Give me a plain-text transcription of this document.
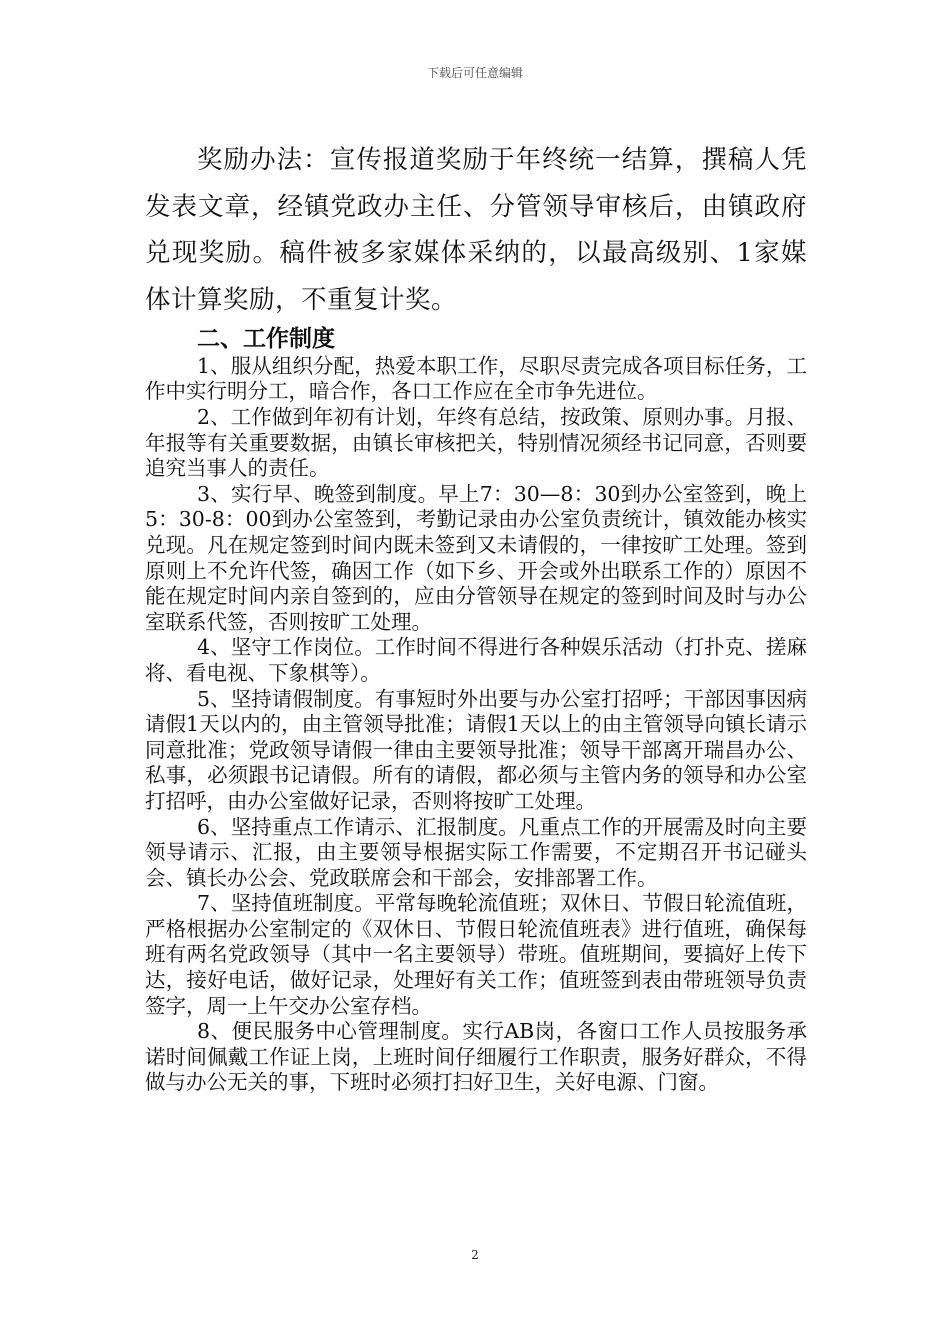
下载后可任意编辑

奖励办法：宣传报道奖励于年终统一结算，撰稿人凭发表文章，经镇党政办主任、分管领导审核后，由镇政府兑现奖励。稿件被多家媒体采纳的，以最高级别、1家媒体计算奖励，不重复计奖。

二、工作制度

1、服从组织分配，热爱本职工作，尽职尽责完成各项目标任务，工作中实行明分工，暗合作，各口工作应在全市争先进位。

2、工作做到年初有计划，年终有总结，按政策、原则办事。月报、年报等有关重要数据，由镇长审核把关，特别情况须经书记同意，否则要追究当事人的责任。

3、实行早、晚签到制度。早上7：30—8：30到办公室签到，晚上5：30-8：00到办公室签到，考勤记录由办公室负责统计，镇效能办核实兑现。凡在规定签到时间内既未签到又未请假的，一律按旷工处理。签到原则上不允许代签，确因工作（如下乡、开会或外出联系工作的）原因不能在规定时间内亲自签到的，应由分管领导在规定的签到时间及时与办公室联系代签，否则按旷工处理。

4、坚守工作岗位。工作时间不得进行各种娱乐活动（打扑克、搓麻将、看电视、下象棋等）。

5、坚持请假制度。有事短时外出要与办公室打招呼；干部因事因病请假1天以内的，由主管领导批准；请假1天以上的由主管领导向镇长请示同意批准；党政领导请假一律由主要领导批准；领导干部离开瑞昌办公、私事，必须跟书记请假。所有的请假，都必须与主管内务的领导和办公室打招呼，由办公室做好记录，否则将按旷工处理。

6、坚持重点工作请示、汇报制度。凡重点工作的开展需及时向主要领导请示、汇报，由主要领导根据实际工作需要，不定期召开书记碰头会、镇长办公会、党政联席会和干部会，安排部署工作。

7、坚持值班制度。平常每晚轮流值班；双休日、节假日轮流值班，严格根据办公室制定的《双休日、节假日轮流值班表》进行值班，确保每班有两名党政领导（其中一名主要领导）带班。值班期间，要搞好上传下达，接好电话，做好记录，处理好有关工作；值班签到表由带班领导负责签字，周一上午交办公室存档。

8、便民服务中心管理制度。实行AB岗，各窗口工作人员按服务承诺时间佩戴工作证上岗，上班时间仔细履行工作职责，服务好群众，不得做与办公无关的事，下班时必须打扫好卫生，关好电源、门窗。

2
